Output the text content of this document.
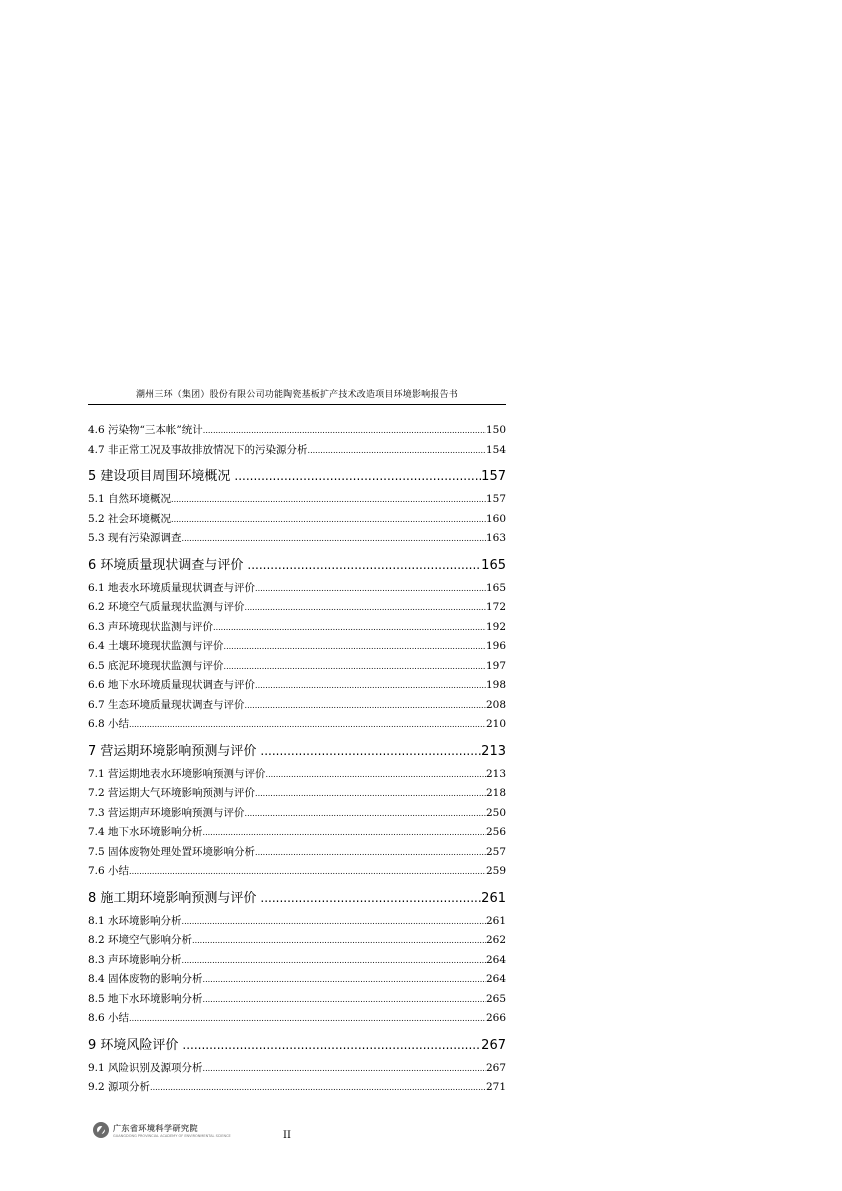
潮州三环（集团）股份有限公司功能陶瓷基板扩产技术改造项目环境影响报告书
4.6 污染物“三本帐”统计 .....	150
4.7 非正常工况及事故排放情况下的污染源分析 .....	154
5 建设项目周围环境概况 .....	157
5.1 自然环境概况 .....	157
5.2 社会环境概况 .....	160
5.3 现有污染源调查 .....	163
6 环境质量现状调查与评价 .....	165
6.1 地表水环境质量现状调查与评价 .....	165
6.2 环境空气质量现状监测与评价 .....	172
6.3 声环境现状监测与评价 .....	192
6.4 土壤环境现状监测与评价 .....	196
6.5 底泥环境现状监测与评价 .....	197
6.6 地下水环境质量现状调查与评价 .....	198
6.7 生态环境质量现状调查与评价 .....	208
6.8 小结 .....	210
7 营运期环境影响预测与评价 .....	213
7.1 营运期地表水环境影响预测与评价 .....	213
7.2 营运期大气环境影响预测与评价 .....	218
7.3 营运期声环境影响预测与评价 .....	250
7.4 地下水环境影响分析 .....	256
7.5 固体废物处理处置环境影响分析 .....	257
7.6 小结 .....	259
8 施工期环境影响预测与评价 .....	261
8.1 水环境影响分析 .....	261
8.2 环境空气影响分析 .....	262
8.3 声环境影响分析 .....	264
8.4 固体废物的影响分析 .....	264
8.5 地下水环境影响分析 .....	265
8.6 小结 .....	266
9 环境风险评价 .....	267
9.1 风险识别及源项分析 .....	267
9.2 源项分析 .....	271
广东省环境科学研究院
GUANGDONG PROVINCIAL ACADEMY OF ENVIRONMENTAL SCIENCE	II
